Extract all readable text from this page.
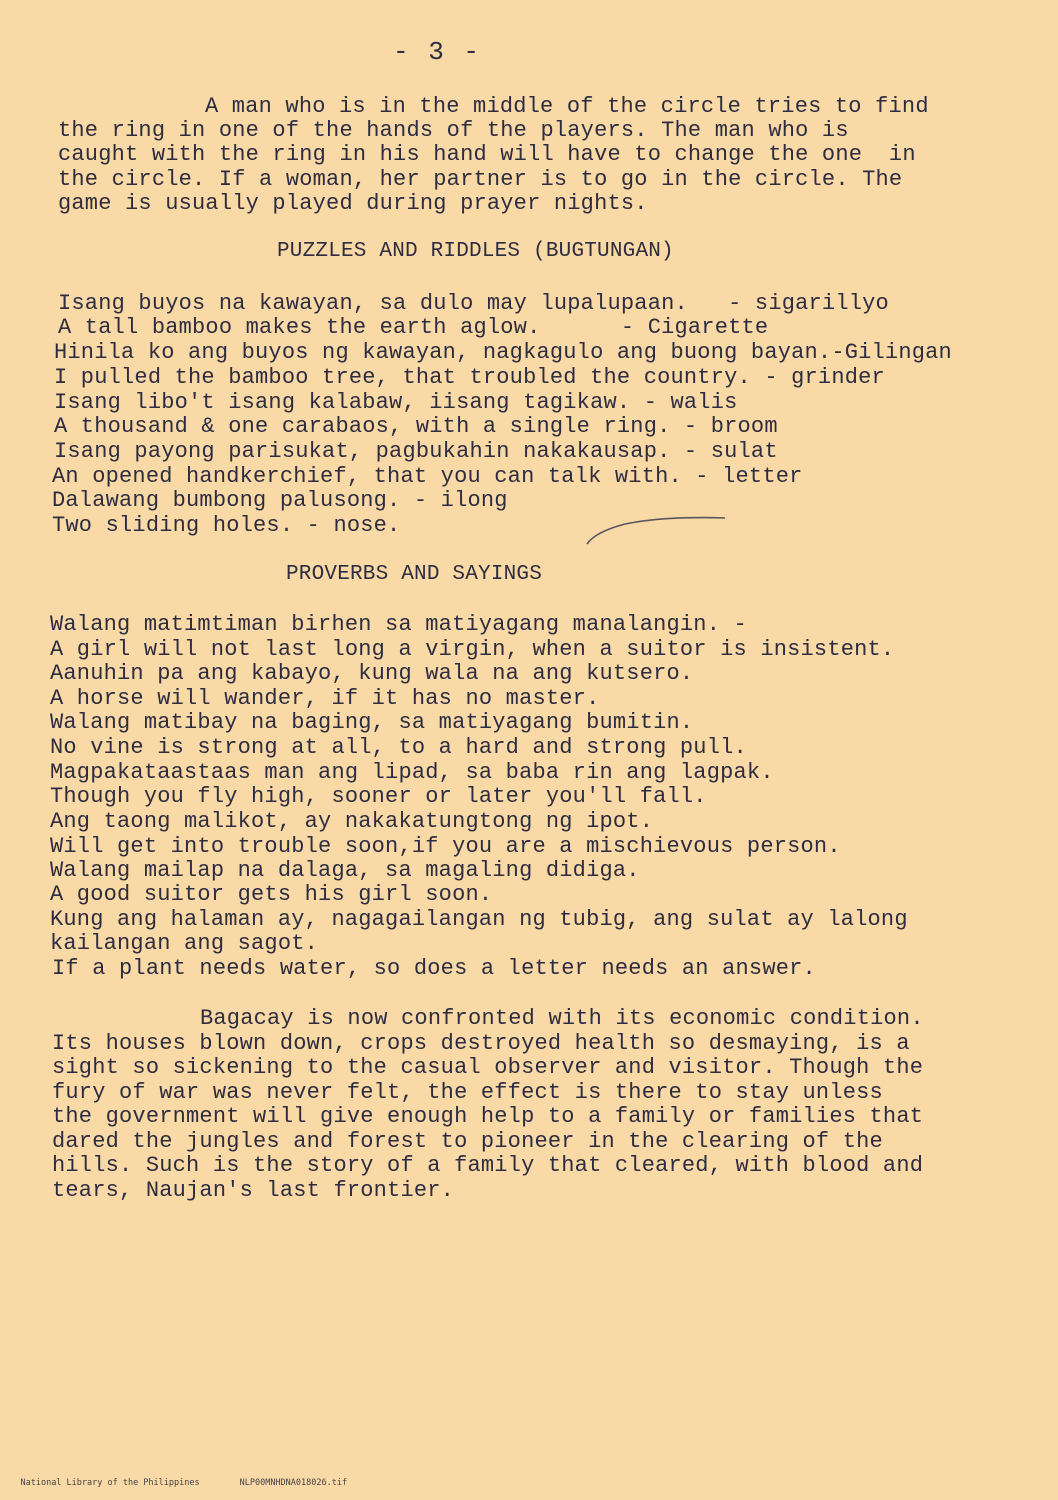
- 3 -

A man who is in the middle of the circle tries to find

the ring in one of the hands of the players. The man who is

caught with the ring in his hand will have to change the one  in

the circle. If a woman, her partner is to go in the circle. The

game is usually played during prayer nights.

PUZZLES AND RIDDLES (BUGTUNGAN)

Isang buyos na kawayan, sa dulo may lupalupaan.   - sigarillyo

A tall bamboo makes the earth aglow.      - Cigarette

Hinila ko ang buyos ng kawayan, nagkagulo ang buong bayan.-Gilingan

I pulled the bamboo tree, that troubled the country. - grinder

Isang libo't isang kalabaw, iisang tagikaw. - walis

A thousand & one carabaos, with a single ring. - broom

Isang payong parisukat, pagbukahin nakakausap. - sulat

An opened handkerchief, that you can talk with. - letter

Dalawang bumbong palusong. - ilong

Two sliding holes. - nose.

PROVERBS AND SAYINGS

Walang matimtiman birhen sa matiyagang manalangin. -

A girl will not last long a virgin, when a suitor is insistent.

Aanuhin pa ang kabayo, kung wala na ang kutsero.

A horse will wander, if it has no master.

Walang matibay na baging, sa matiyagang bumitin.

No vine is strong at all, to a hard and strong pull.

Magpakataastaas man ang lipad, sa baba rin ang lagpak.

Though you fly high, sooner or later you'll fall.

Ang taong malikot, ay nakakatungtong ng ipot.

Will get into trouble soon,if you are a mischievous person.

Walang mailap na dalaga, sa magaling didiga.

A good suitor gets his girl soon.

Kung ang halaman ay, nagagailangan ng tubig, ang sulat ay lalong

kailangan ang sagot.

If a plant needs water, so does a letter needs an answer.

Bagacay is now confronted with its economic condition.

Its houses blown down, crops destroyed health so desmaying, is a

sight so sickening to the casual observer and visitor. Though the

fury of war was never felt, the effect is there to stay unless

the government will give enough help to a family or families that

dared the jungles and forest to pioneer in the clearing of the

hills. Such is the story of a family that cleared, with blood and

tears, Naujan's last frontier.

National Library of the Philippines	NLP00MNHDNA018026.tif
